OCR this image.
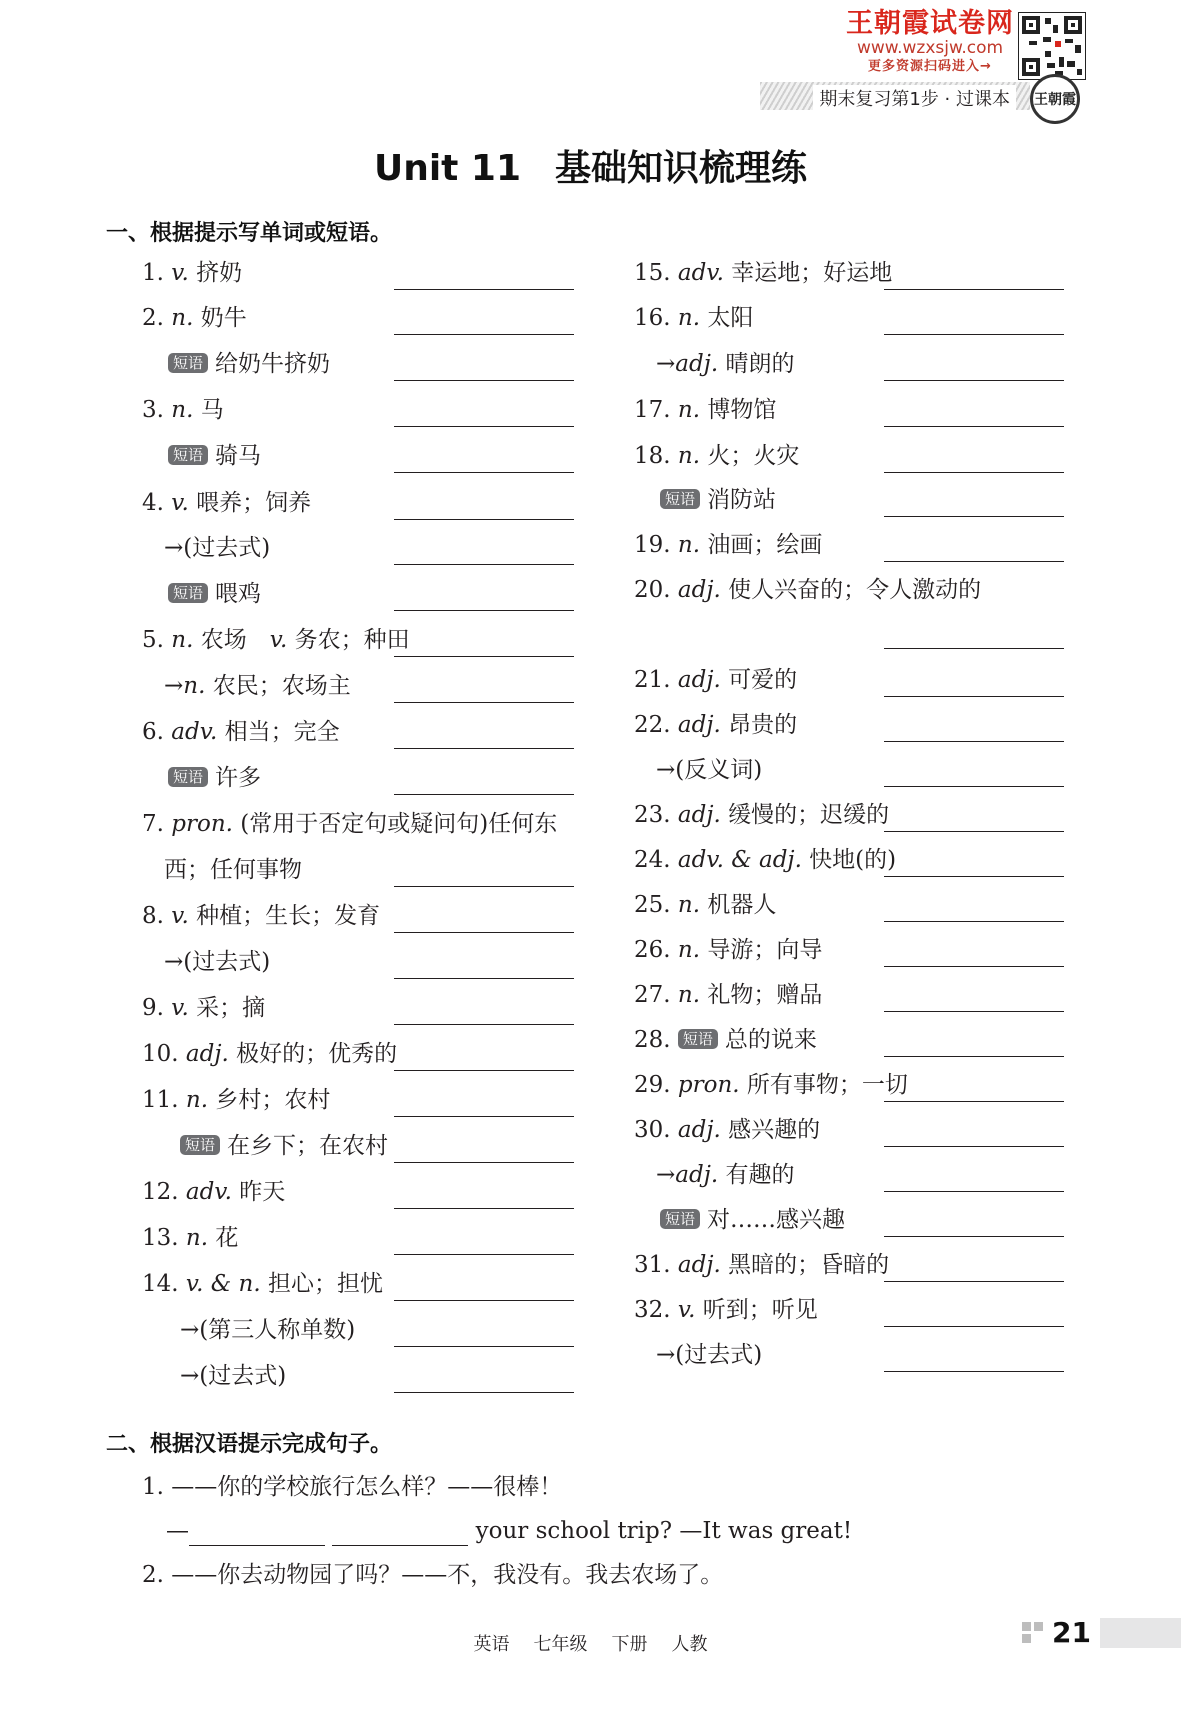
王朝霞试卷网
www.wzxsjw.com
更多资源扫码进入→
期末复习第1步 · 过课本	王朝霞
Unit 11 基础知识梳理练
一、根据提示写单词或短语。
1. v. 挤奶
2. n. 奶牛
短语 给奶牛挤奶
3. n. 马
短语 骑马
4. v. 喂养；饲养
→(过去式)
短语 喂鸡
5. n. 农场　v. 务农；种田
→n. 农民；农场主
6. adv. 相当；完全
短语 许多
7. pron. (常用于否定句或疑问句)任何东
西；任何事物
8. v. 种植；生长；发育
→(过去式)
9. v. 采；摘
10. adj. 极好的；优秀的
11. n. 乡村；农村
短语 在乡下；在农村
12. adv. 昨天
13. n. 花
14. v. & n. 担心；担忧
→(第三人称单数)
→(过去式)
15. adv. 幸运地；好运地
16. n. 太阳
→adj. 晴朗的
17. n. 博物馆
18. n. 火；火灾
短语 消防站
19. n. 油画；绘画
20. adj. 使人兴奋的；令人激动的
21. adj. 可爱的
22. adj. 昂贵的
→(反义词)
23. adj. 缓慢的；迟缓的
24. adv. & adj. 快地(的)
25. n. 机器人
26. n. 导游；向导
27. n. 礼物；赠品
28. 短语 总的说来
29. pron. 所有事物；一切
30. adj. 感兴趣的
→adj. 有趣的
短语 对……感兴趣
31. adj. 黑暗的；昏暗的
32. v. 听到；听见
→(过去式)
二、根据汉语提示完成句子。
1. ——你的学校旅行怎么样？——很棒！
—	your school trip? —It was great!
2. ——你去动物园了吗？——不，我没有。我去农场了。
英语 七年级 下册 人教	21
